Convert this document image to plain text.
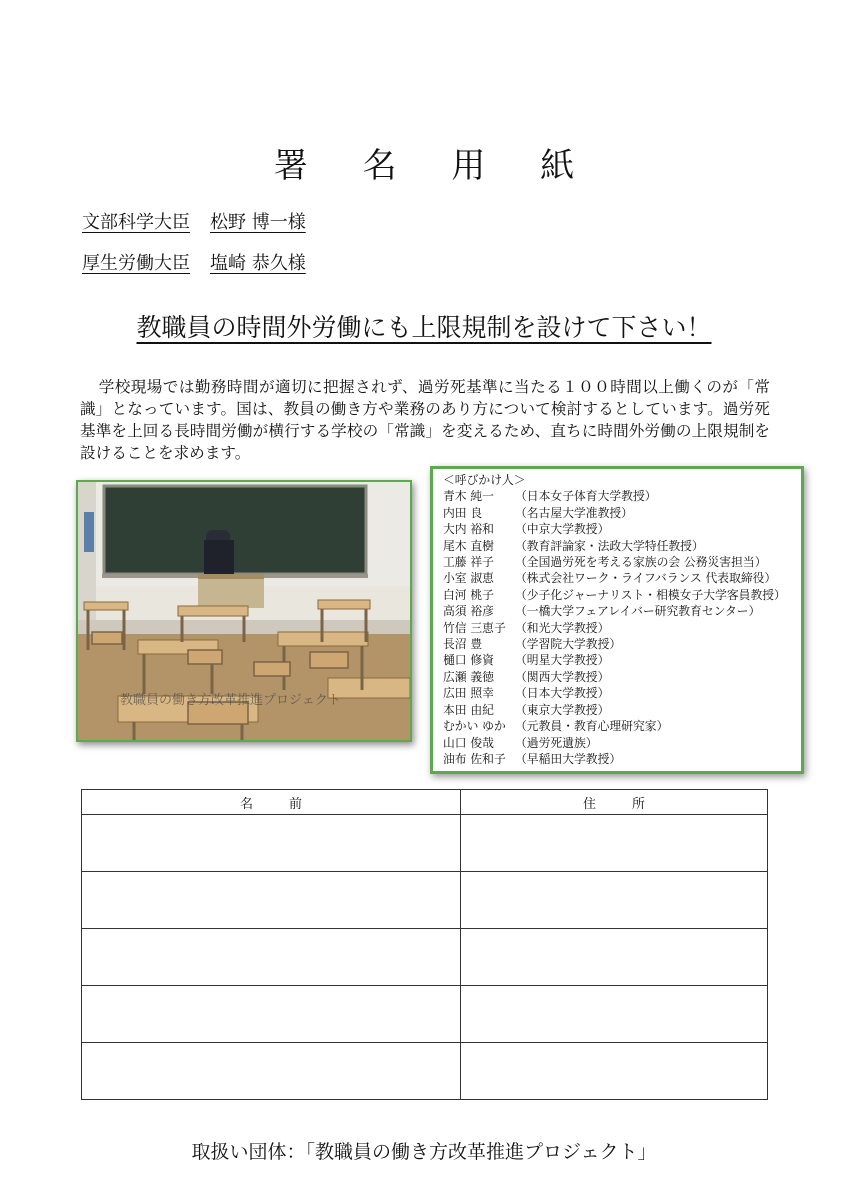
署 名 用 紙
文部科学大臣 松野 博一様
厚生労働大臣 塩崎 恭久様
教職員の時間外労働にも上限規制を設けて下さい！

学校現場では勤務時間が適切に把握されず、過労死基準に当たる１００時間以上働くのが「常識」となっています。国は、教員の働き方や業務のあり方について検討するとしています。過労死基準を上回る長時間労働が横行する学校の「常識」を変えるため、直ちに時間外労働の上限規制を設けることを求めます。

教職員の働き方改革推進プロジェクト
＜呼びかけ人＞
青木 純一 （日本女子体育大学教授）
内田 良	（名古屋大学准教授）
大内 裕和 （中京大学教授）
尾木 直樹 （教育評論家・法政大学特任教授）
工藤 祥子 （全国過労死を考える家族の会 公務災害担当）
小室 淑恵 （株式会社ワーク・ライフバランス 代表取締役）
白河 桃子 （少子化ジャーナリスト・相模女子大学客員教授）
高須 裕彦 （一橋大学フェアレイバー研究教育センター）
竹信 三恵子 （和光大学教授）
長沼 豊	（学習院大学教授）
樋口 修資 （明星大学教授）
広瀬 義徳 （関西大学教授）
広田 照幸 （日本大学教授）
本田 由紀 （東京大学教授）
むかい ゆか （元教員・教育心理研究家）
山口 俊哉 （過労死遺族）
油布 佐和子 （早稲田大学教授）
名前	住所

取扱い団体：「教職員の働き方改革推進プロジェクト」
